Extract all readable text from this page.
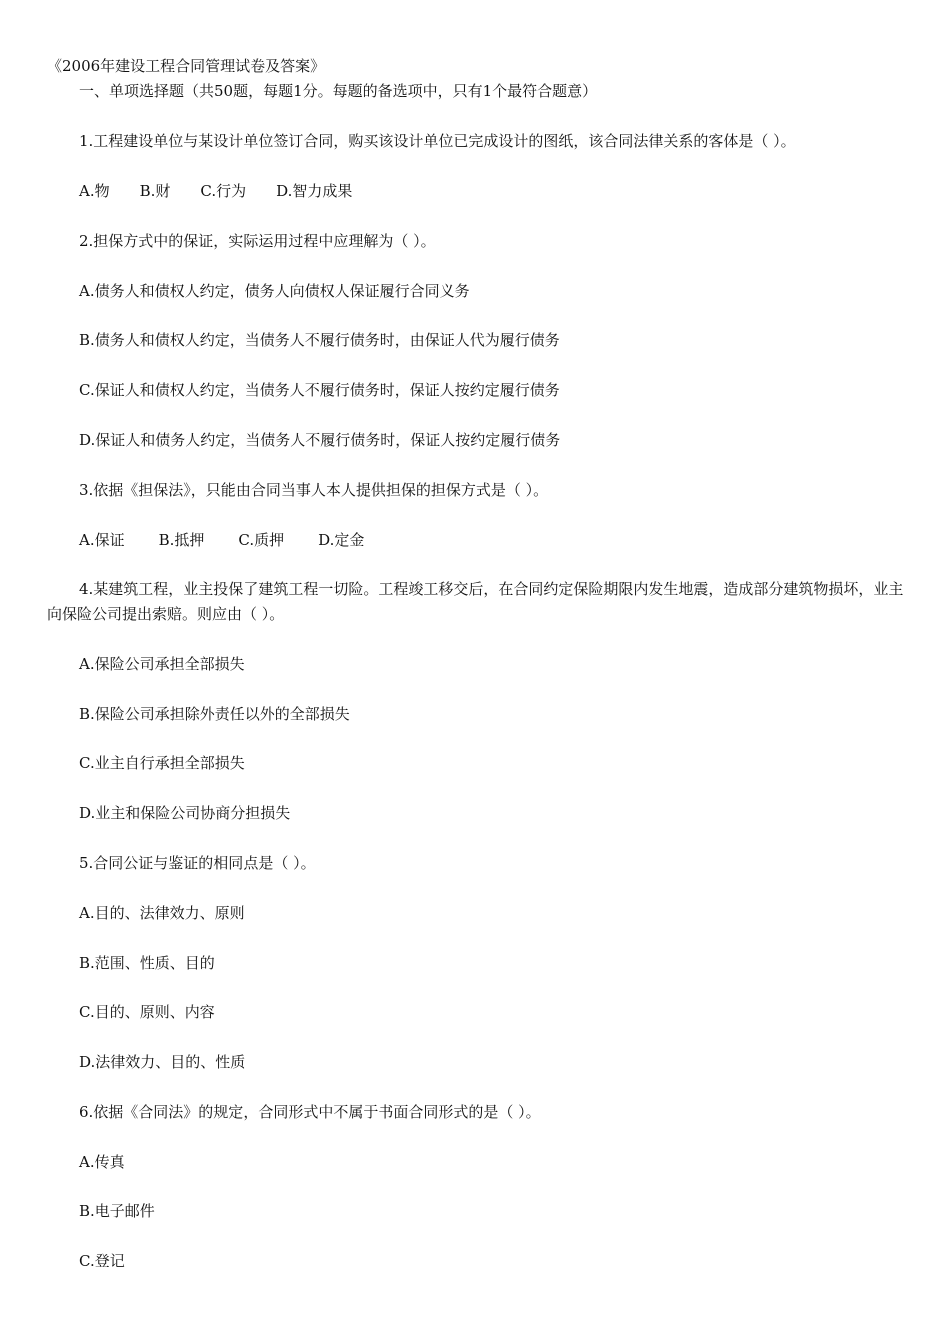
《2006年建设工程合同管理试卷及答案》
一、单项选择题（共50题，每题1分。每题的备选项中，只有1个最符合题意）
1.工程建设单位与某设计单位签订合同，购买该设计单位已完成设计的图纸，该合同法律关系的客体是（ ）。
A.物 B.财 C.行为 D.智力成果
2.担保方式中的保证，实际运用过程中应理解为（ ）。
A.债务人和债权人约定，债务人向债权人保证履行合同义务
B.债务人和债权人约定，当债务人不履行债务时，由保证人代为履行债务
C.保证人和债权人约定，当债务人不履行债务时，保证人按约定履行债务
D.保证人和债务人约定，当债务人不履行债务时，保证人按约定履行债务
3.依据《担保法》，只能由合同当事人本人提供担保的担保方式是（ ）。
A.保证 B.抵押 C.质押 D.定金
4.某建筑工程，业主投保了建筑工程一切险。工程竣工移交后，在合同约定保险期限内发生地震，造成部分建筑物损坏，业主向保险公司提出索赔。则应由（ ）。
A.保险公司承担全部损失
B.保险公司承担除外责任以外的全部损失
C.业主自行承担全部损失
D.业主和保险公司协商分担损失
5.合同公证与鉴证的相同点是（ ）。
A.目的、法律效力、原则
B.范围、性质、目的
C.目的、原则、内容
D.法律效力、目的、性质
6.依据《合同法》的规定，合同形式中不属于书面合同形式的是（ ）。
A.传真
B.电子邮件
C.登记
